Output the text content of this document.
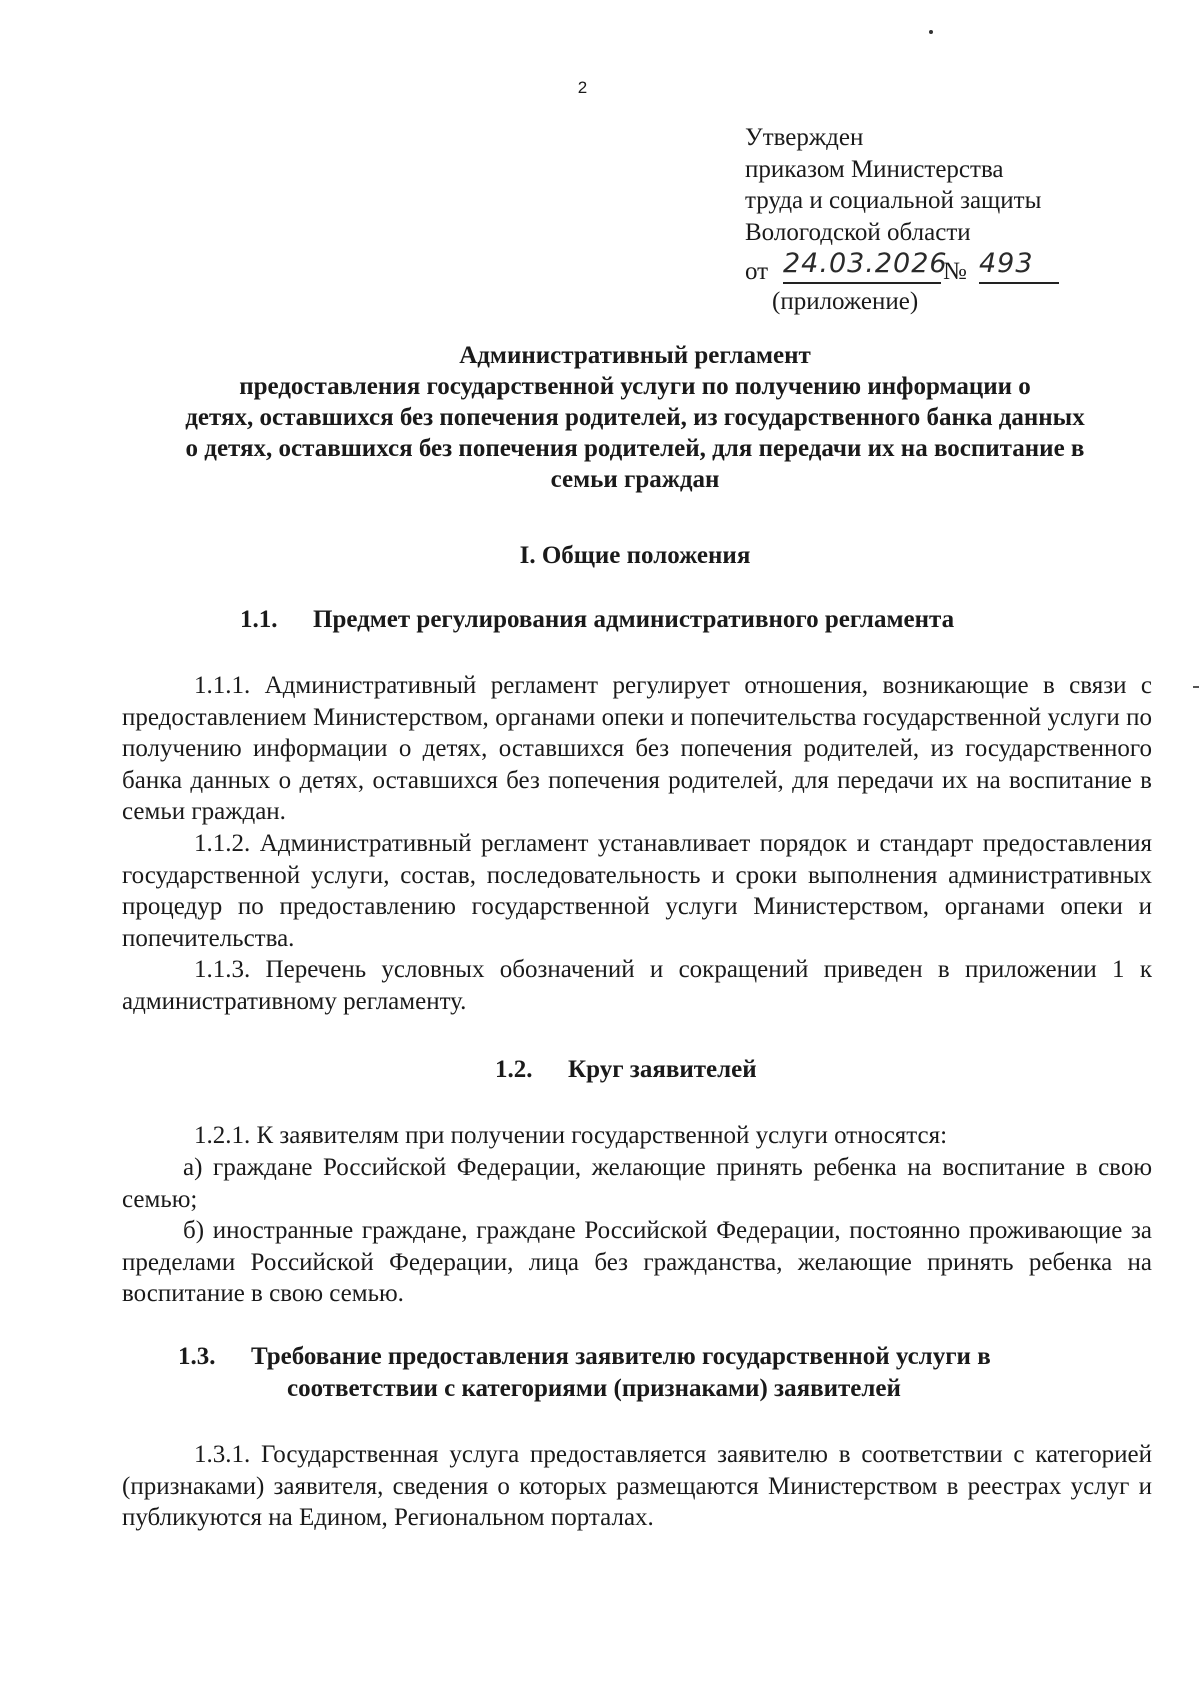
2
Утвержден
приказом Министерства
труда и социальной защиты
Вологодской области
от 24.03.2026
№ 493
(приложение)
Административный регламент
предоставления государственной услуги по получению информации о
детях, оставшихся без попечения родителей, из государственного банка данных
о детях, оставшихся без попечения родителей, для передачи их на воспитание в
семьи граждан
I. Общие положения
1.1. Предмет регулирования административного регламента
1.1.1. Административный регламент регулирует отношения, возникающие в связи с предоставлением Министерством, органами опеки и попечительства государственной услуги по получению информации о детях, оставшихся без попечения родителей, из государственного банка данных о детях, оставшихся без попечения родителей, для передачи их на воспитание в семьи граждан.
1.1.2. Административный регламент устанавливает порядок и стандарт предоставления государственной услуги, состав, последовательность и сроки выполнения административных процедур по предоставлению государственной услуги Министерством, органами опеки и попечительства.
1.1.3. Перечень условных обозначений и сокращений приведен в приложении 1 к административному регламенту.
1.2. Круг заявителей
1.2.1. К заявителям при получении государственной услуги относятся:
а) граждане Российской Федерации, желающие принять ребенка на воспитание в свою семью;
б) иностранные граждане, граждане Российской Федерации, постоянно проживающие за пределами Российской Федерации, лица без гражданства, желающие принять ребенка на воспитание в свою семью.
1.3. Требование предоставления заявителю государственной услуги в
соответствии с категориями (признаками) заявителей
1.3.1. Государственная услуга предоставляется заявителю в соответствии с категорией (признаками) заявителя, сведения о которых размещаются Министерством в реестрах услуг и публикуются на Едином, Региональном порталах.
